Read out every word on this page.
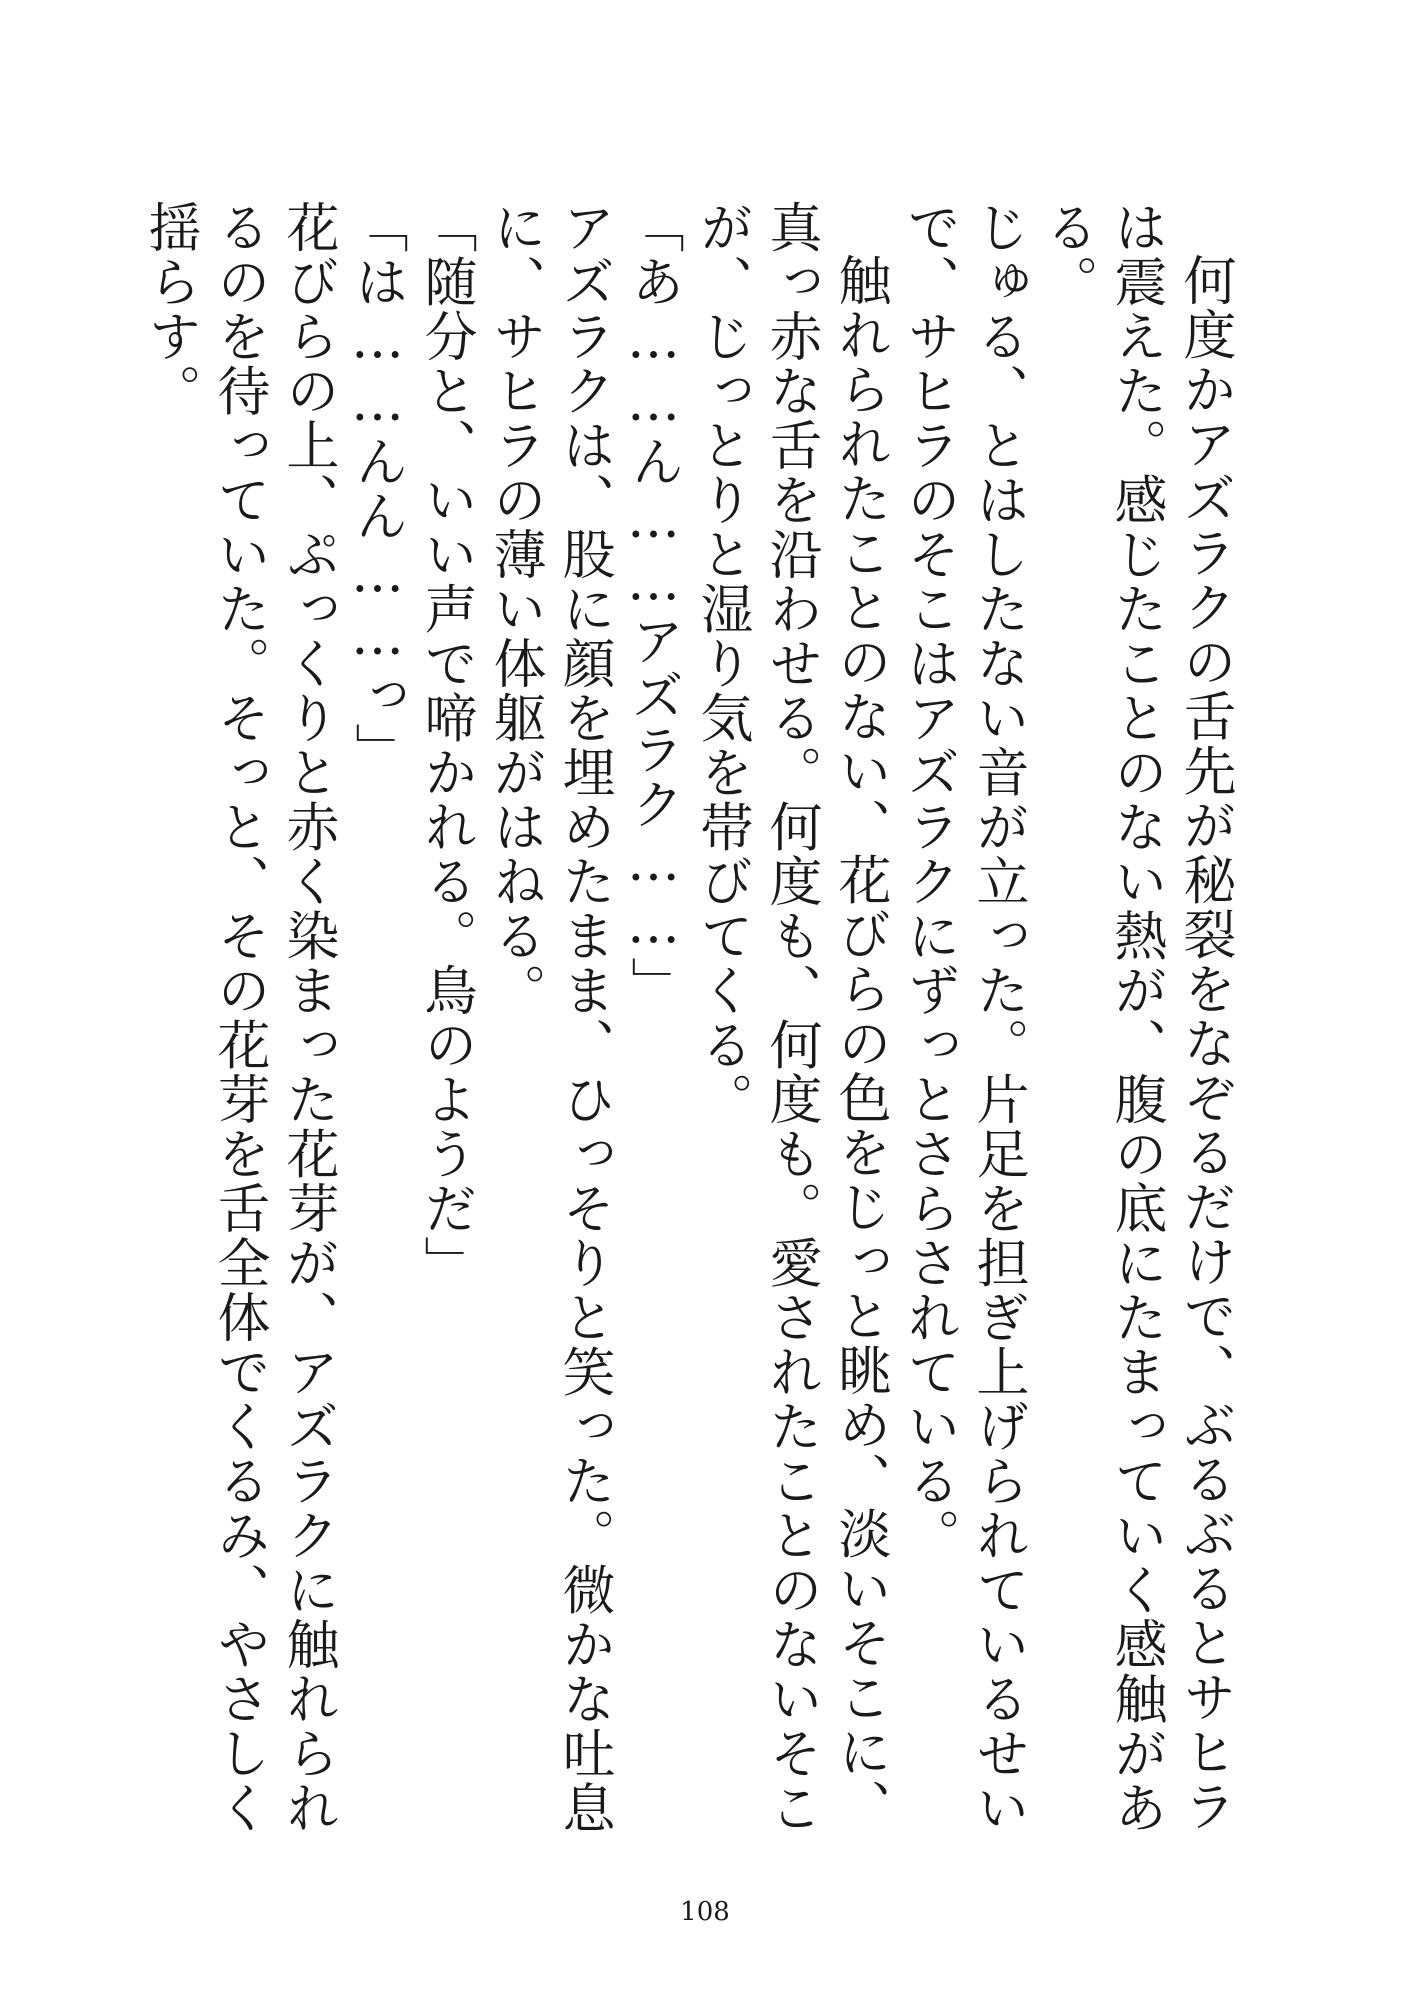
何度かアズラクの舌先が秘裂をなぞるだけで、ぶるぶるとサヒラは震えた。感じたことのない熱が、腹の底にたまっていく感触がある。

じゅる、とはしたない音が立った。片足を担ぎ上げられているせいで、サヒラのそこはアズラクにずっとさらされている。

触れられたことのない、花びらの色をじっと眺め、淡いそこに、真っ赤な舌を沿わせる。何度も、何度も。愛されたことのないそこが、じっとりと湿り気を帯びてくる。

「あ……ん……アズラク……」

アズラクは、股に顔を埋めたまま、ひっそりと笑った。微かな吐息に、サヒラの薄い体躯がはねる。

「随分と、いい声で啼かれる。鳥のようだ」

「は……んん……っ」

花びらの上、ぷっくりと赤く染まった花芽が、アズラクに触れられるのを待っていた。そっと、その花芽を舌全体でくるみ、やさしく揺らす。

108
